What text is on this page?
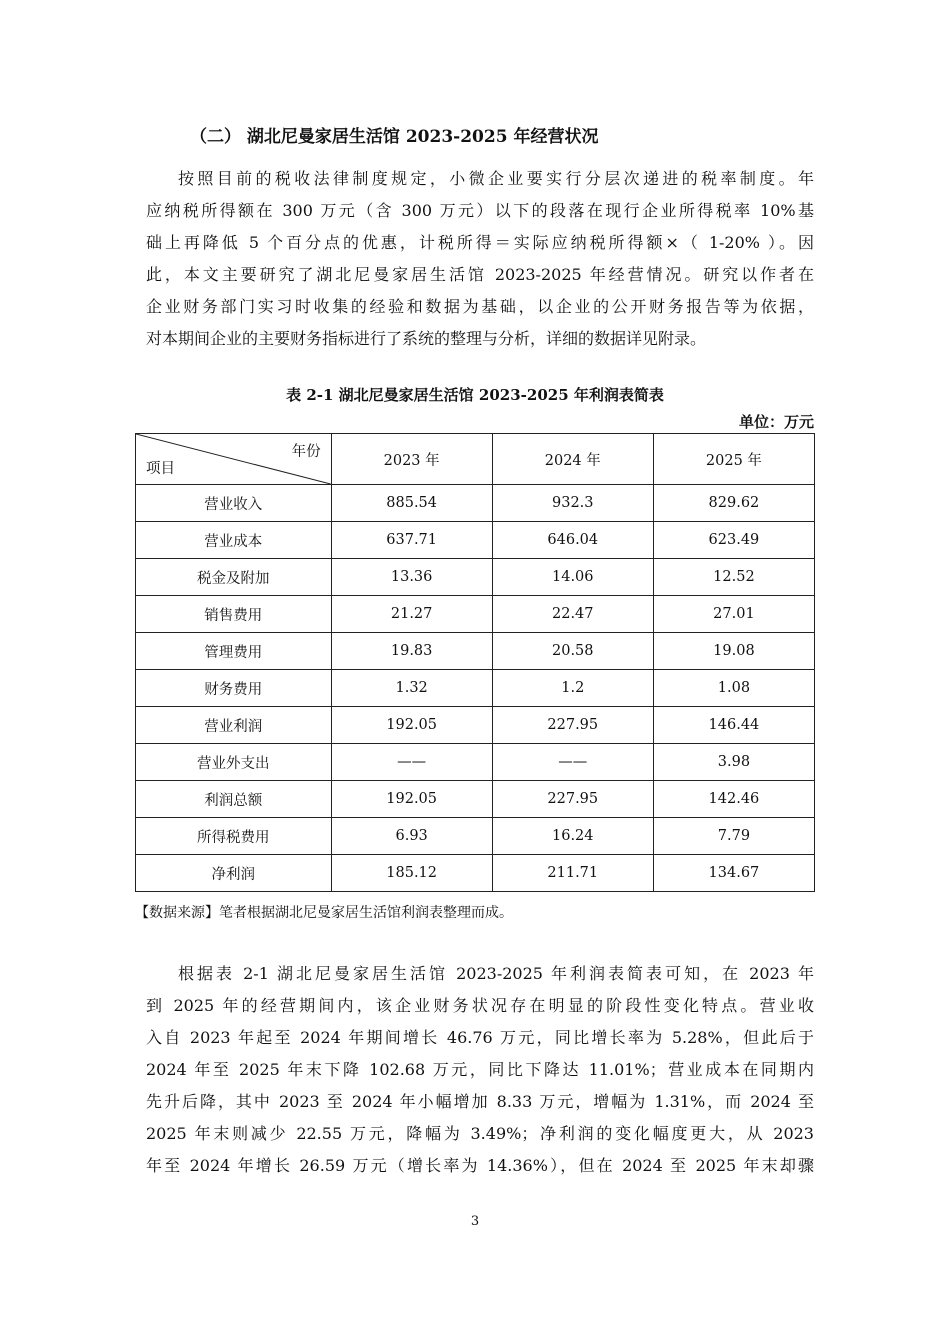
（二） 湖北尼曼家居生活馆 2023-2025 年经营状况
按照目前的税收法律制度规定，小微企业要实行分层次递进的税率制度。年
应纳税所得额在 300 万元（含 300 万元）以下的段落在现行企业所得税率 10%基
础上再降低 5 个百分点的优惠，计税所得＝实际应纳税所得额×（ 1-20% ）。因
此，本文主要研究了湖北尼曼家居生活馆 2023-2025 年经营情况。研究以作者在
企业财务部门实习时收集的经验和数据为基础，以企业的公开财务报告等为依据，
对本期间企业的主要财务指标进行了系统的整理与分析，详细的数据详见附录。
表 2-1 湖北尼曼家居生活馆 2023-2025 年利润表简表
单位：万元
年份
项目	2023 年	2024 年	2025 年
营业收入	885.54	932.3	829.62
营业成本	637.71	646.04	623.49
税金及附加	13.36	14.06	12.52
销售费用	21.27	22.47	27.01
管理费用	19.83	20.58	19.08
财务费用	1.32	1.2	1.08
营业利润	192.05	227.95	146.44
营业外支出	——	——	3.98
利润总额	192.05	227.95	142.46
所得税费用	6.93	16.24	7.79
净利润	185.12	211.71	134.67
【数据来源】笔者根据湖北尼曼家居生活馆利润表整理而成。
根据表 2-1 湖北尼曼家居生活馆 2023-2025 年利润表简表可知，在 2023 年
到 2025 年的经营期间内，该企业财务状况存在明显的阶段性变化特点。营业收
入自 2023 年起至 2024 年期间增长 46.76 万元，同比增长率为 5.28%，但此后于
2024 年至 2025 年末下降 102.68 万元，同比下降达 11.01%；营业成本在同期内
先升后降，其中 2023 至 2024 年小幅增加 8.33 万元，增幅为 1.31%，而 2024 至
2025 年末则减少 22.55 万元，降幅为 3.49%；净利润的变化幅度更大，从 2023
年至 2024 年增长 26.59 万元（增长率为 14.36%），但在 2024 至 2025 年末却骤
3
